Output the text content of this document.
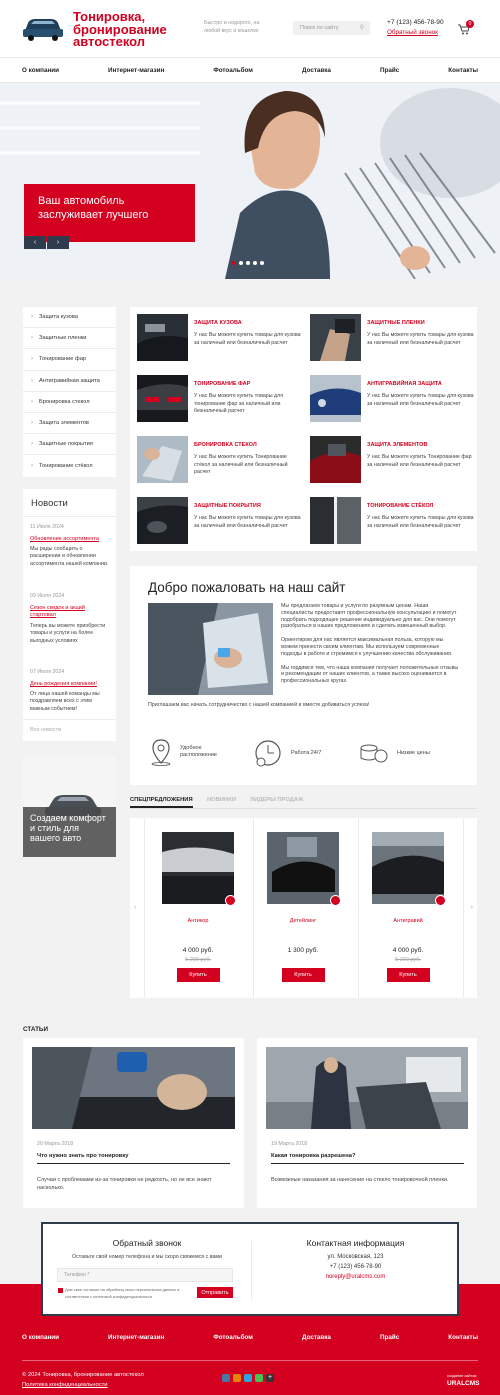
Тонировка, бронирование автостекол
Быстро и недорого, на любой вкус и кошелек	Поиск по сайту	⚲
+7 (123) 456-78-90
Обратный звонок
0
О компании	Интернет-магазин	Фотоальбом	Доставка	Прайс	Контакты
Ваш автомобиль заслуживает лучшего
‹	›
› Защита кузова
› Защитные пленки
› Тонирование фар
› Антигравийная защита
› Бронировка стекол
› Защита элементов
› Защитные покрытия
› Тонирование стёкол
Новости
11 Июля 2024
Обновление ассортимента
Мы рады сообщить о расширении и обновлении ассортимента нашей компании.
09 Июля 2024
Сезон скидок и акций стартовал
Теперь вы можете приобрести товары и услуги на более выгодных условиях
07 Июля 2024
День рождения компании!
От лица нашей команды мы поздравляем всех с этим важным событием!
Все новости
Создаем комфорт и стиль для вашего авто
ЗАЩИТА КУЗОВА
У нас Вы можете купить товары для кузова за наличный или безналичный расчет
ЗАЩИТНЫЕ ПЛЕНКИ
У нас Вы можете купить товары для кузова за наличный или безналичный расчет
ТОНИРОВАНИЕ ФАР
У нас Вы можете купить товары для тонирование фар за наличный или безналичный расчет
АНТИГРАВИЙНАЯ ЗАЩИТА
У нас Вы можете купить товары для кузова за наличный или безналичный расчет
БРОНИРОВКА СТЕКОЛ
У нас Вы можете купить Тонирование стёкол за наличный или безналичный расчет
ЗАЩИТА ЭЛЕМЕНТОВ
У нас Вы можете купить Тонирование фар за наличный или безналичный расчет
ЗАЩИТНЫЕ ПОКРЫТИЯ
У нас Вы можете купить товары для кузова за наличный или безналичный расчет
ТОНИРОВАНИЕ СТЁКОЛ
У нас Вы можете купить товары для кузова за наличный или безналичный расчет
Добро пожаловать на наш сайт

Мы предлагаем товары и услуги по разумным ценам. Наши специалисты предоставят профессиональную консультацию и помогут подобрать подходящее решение индивидуально для вас. Они помогут разобраться в наших предложениях и сделать взвешенный выбор.

Ориентиром для нас является максимальная польза, которую мы можем принести своим клиентам. Мы используем современные подходы в работе и стремимся к улучшению качества обслуживания.

Мы гордимся тем, что наша компания получает положительные отзывы и рекомендации от наших клиентов, а также высоко оценивается в профессиональных кругах.

Приглашаем вас начать сотрудничество с нашей компанией и вместе добиваться успеха!
Удобное расположение	Работа 24/7	Низкие цены
СПЕЦПРЕДЛОЖЕНИЯ НОВИНКИ ЛИДЕРЫ ПРОДАЖ
‹	›
Антикор
4 000 руб.
5 200 руб.
Купить
Детейлинг
1 300 руб.
Купить
Антигравий
4 000 руб.
5 200 руб.
Купить
СТАТЬИ
20 Марта 2018
Что нужно знать про тонировку
Случаи с проблемами из-за тонировки не редкость, но не все знают насколько.
19 Марта 2018
Какая тонировка разрешена?
Возможные наказания за нанесение на стекло тонировочной пленки.
Обратный звонок
Оставьте свой номер телефона и мы скоро свяжемся с вами
Телефон *
Даю свое согласие на обработку моих персональных данных в соответствии с политикой конфиденциальности
Отправить
Контактная информация
ул. Московская, 123
+7 (123) 456-78-90
noreply@uralcms.com
О компании	Интернет-магазин	Фотоальбом	Доставка	Прайс	Контакты
© 2024 Тонировка, бронирование автостекол
Политика конфиденциальности
+	создание сайтов
URALCMS
